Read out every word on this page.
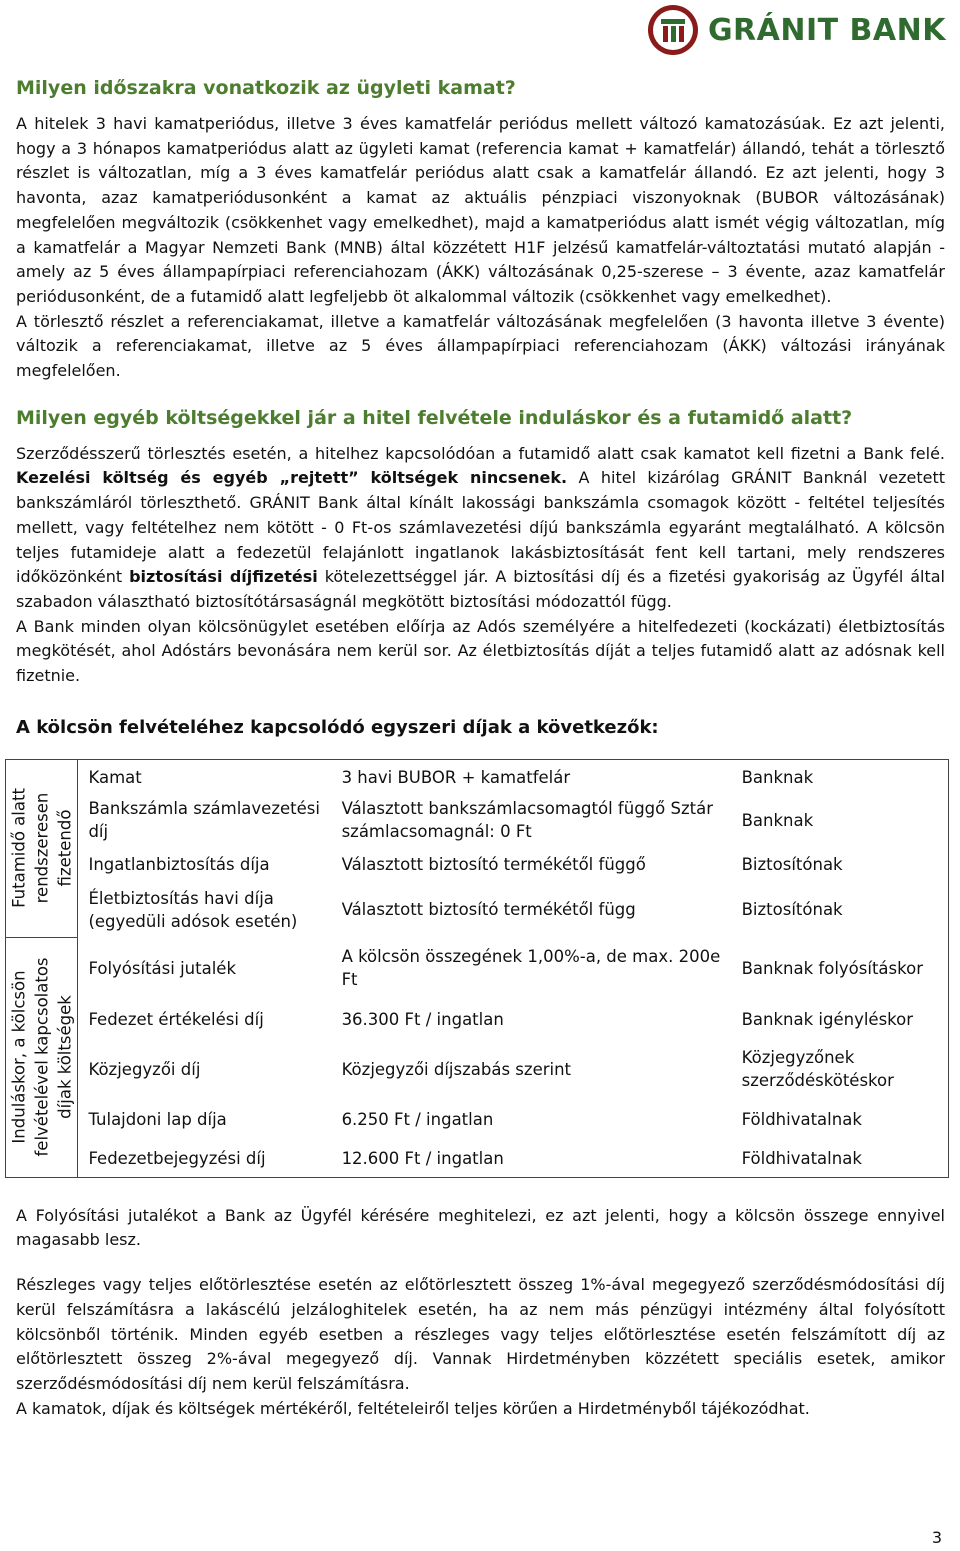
GRÁNIT BANK
Milyen időszakra vonatkozik az ügyleti kamat?

A hitelek 3 havi kamatperiódus, illetve 3 éves kamatfelár periódus mellett változó kamatozásúak. Ez azt jelenti, hogy a 3 hónapos kamatperiódus alatt az ügyleti kamat (referencia kamat + kamatfelár) állandó, tehát a törlesztő részlet is változatlan, míg a 3 éves kamatfelár periódus alatt csak a kamatfelár állandó. Ez azt jelenti, hogy 3 havonta, azaz kamatperiódusonként a kamat az aktuális pénzpiaci viszonyoknak (BUBOR változásának) megfelelően megváltozik (csökkenhet vagy emelkedhet), majd a kamatperiódus alatt ismét végig változatlan, míg a kamatfelár a Magyar Nemzeti Bank (MNB) által közzétett H1F jelzésű kamatfelár-változtatási mutató alapján - amely az 5 éves állampapírpiaci referenciahozam (ÁKK) változásának 0,25-szerese – 3 évente, azaz kamatfelár periódusonként, de a futamidő alatt legfeljebb öt alkalommal változik (csökkenhet vagy emelkedhet).

A törlesztő részlet a referenciakamat, illetve a kamatfelár változásának megfelelően (3 havonta illetve 3 évente) változik a referenciakamat, illetve az 5 éves állampapírpiaci referenciahozam (ÁKK) változási irányának megfelelően.

Milyen egyéb költségekkel jár a hitel felvétele induláskor és a futamidő alatt?

Szerződésszerű törlesztés esetén, a hitelhez kapcsolódóan a futamidő alatt csak kamatot kell fizetni a Bank felé. Kezelési költség és egyéb „rejtett” költségek nincsenek. A hitel kizárólag GRÁNIT Banknál vezetett bankszámláról törleszthető. GRÁNIT Bank által kínált lakossági bankszámla csomagok között - feltétel teljesítés mellett, vagy feltételhez nem kötött - 0 Ft-os számlavezetési díjú bankszámla egyaránt megtalálható. A kölcsön teljes futamideje alatt a fedezetül felajánlott ingatlanok lakásbiztosítását fent kell tartani, mely rendszeres időközönként biztosítási díjfizetési kötelezettséggel jár. A biztosítási díj és a fizetési gyakoriság az Ügyfél által szabadon választható biztosítótársaságnál megkötött biztosítási módozattól függ.

A Bank minden olyan kölcsönügylet esetében előírja az Adós személyére a hitelfedezeti (kockázati) életbiztosítás megkötését, ahol Adóstárs bevonására nem kerül sor. Az életbiztosítás díját a teljes futamidő alatt az adósnak kell fizetnie.

A kölcsön felvételéhez kapcsolódó egyszeri díjak a következők:
Futamidő alatt rendszeresen fizetendő	Kamat	3 havi BUBOR + kamatfelár	Banknak
	Bankszámla számlavezetési díj	Választott bankszámlacsomagtól függő Sztár számlacsomagnál: 0 Ft	Banknak
	Ingatlanbiztosítás díja	Választott biztosító termékétől függő	Biztosítónak
	Életbiztosítás havi díja (egyedüli adósok esetén)	Választott biztosító termékétől függ	Biztosítónak

Induláskor, a kölcsön felvételével kapcsolatos díjak költségek	Folyósítási jutalék	A kölcsön összegének 1,00%-a, de max. 200e Ft	Banknak folyósításkor
	Fedezet értékelési díj	36.300 Ft / ingatlan	Banknak igényléskor
	Közjegyzői díj	Közjegyzői díjszabás szerint	Közjegyzőnek szerződéskötéskor
	Tulajdoni lap díja	6.250 Ft / ingatlan	Földhivatalnak
	Fedezetbejegyzési díj	12.600 Ft / ingatlan	Földhivatalnak

A Folyósítási jutalékot a Bank az Ügyfél kérésére meghitelezi, ez azt jelenti, hogy a kölcsön összege ennyivel magasabb lesz.

Részleges vagy teljes előtörlesztése esetén az előtörlesztett összeg 1%-ával megegyező szerződésmódosítási díj kerül felszámításra a lakáscélú jelzáloghitelek esetén, ha az nem más pénzügyi intézmény által folyósított kölcsönből történik. Minden egyéb esetben a részleges vagy teljes előtörlesztése esetén felszámított díj az előtörlesztett összeg 2%-ával megegyező díj. Vannak Hirdetményben közzétett speciális esetek, amikor szerződésmódosítási díj nem kerül felszámításra.

A kamatok, díjak és költségek mértékéről, feltételeiről teljes körűen a Hirdetményből tájékozódhat.

3
